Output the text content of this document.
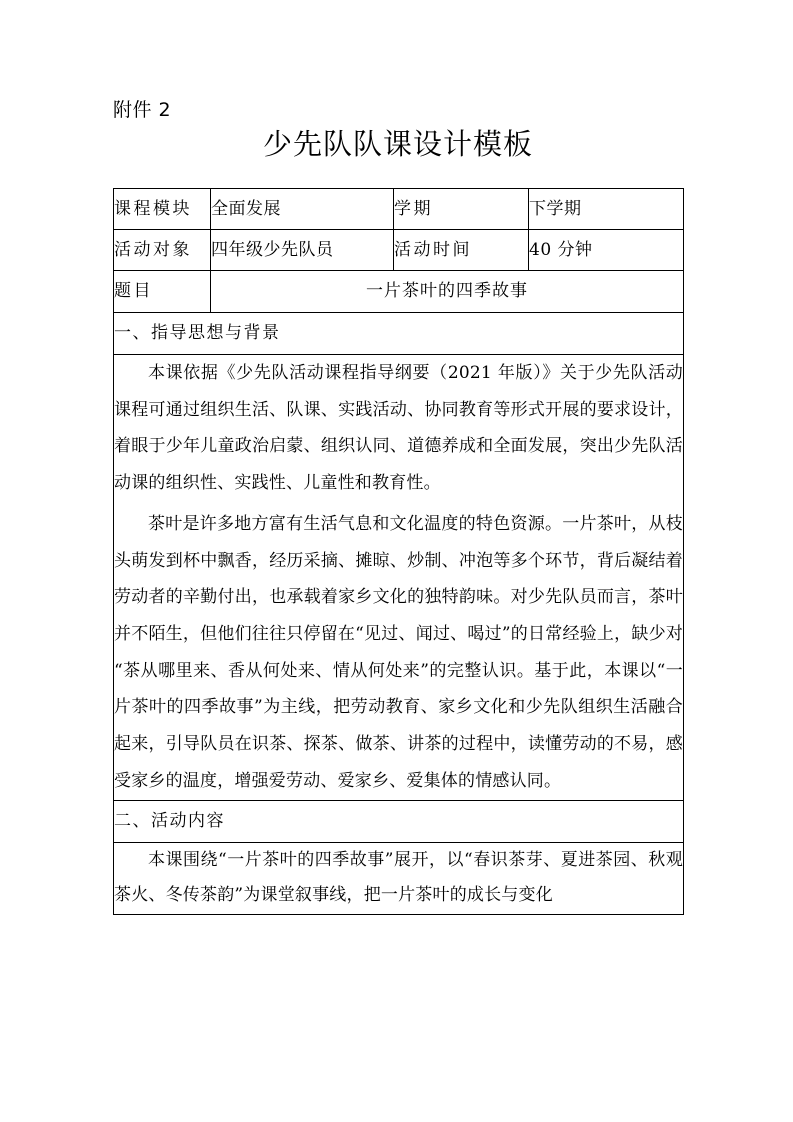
附件 2
少先队队课设计模板
课程模块	全面发展	学期	下学期
活动对象	四年级少先队员	活动时间	40 分钟
题目	一片茶叶的四季故事		
一、指导思想与背景			

本课依据《少先队活动课程指导纲要（2021 年版）》关于少先队活动课程可通过组织生活、队课、实践活动、协同教育等形式开展的要求设计，着眼于少年儿童政治启蒙、组织认同、道德养成和全面发展，突出少先队活动课的组织性、实践性、儿童性和教育性。

茶叶是许多地方富有生活气息和文化温度的特色资源。一片茶叶，从枝头萌发到杯中飘香，经历采摘、摊晾、炒制、冲泡等多个环节，背后凝结着劳动者的辛勤付出，也承载着家乡文化的独特韵味。对少先队员而言，茶叶并不陌生，但他们往往只停留在“见过、闻过、喝过”的日常经验上，缺少对“茶从哪里来、香从何处来、情从何处来”的完整认识。基于此，本课以“一片茶叶的四季故事”为主线，把劳动教育、家乡文化和少先队组织生活融合起来，引导队员在识茶、探茶、做茶、讲茶的过程中，读懂劳动的不易，感受家乡的温度，增强爱劳动、爱家乡、爱集体的情感认同。			

二、活动内容			

本课围绕“一片茶叶的四季故事”展开，以“春识茶芽、夏进茶园、秋观茶火、冬传茶韵”为课堂叙事线，把一片茶叶的成长与变化			
